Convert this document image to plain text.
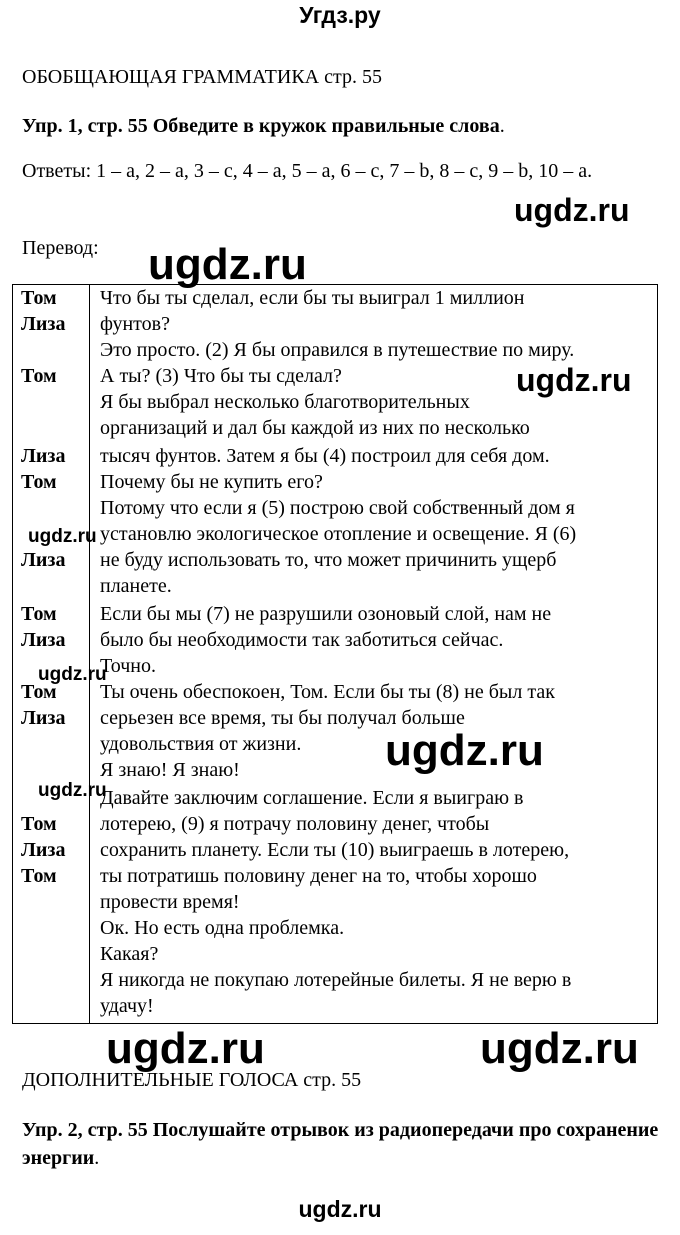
Угдз.ру
ОБОБЩАЮЩАЯ ГРАММАТИКА стр. 55
Упр. 1, стр. 55 Обведите в кружок правильные слова.
Ответы: 1 – a, 2 – a, 3 – c, 4 – a, 5 – a, 6 – c, 7 – b, 8 – c, 9 – b, 10 – a.
Перевод:
Том
Лиза
Том
Лиза
Том
Лиза
Том
Лиза
Том
Лиза
Том
Лиза
Том
Что бы ты сделал, если бы ты выиграл 1 миллион
фунтов?
Это просто. (2) Я бы оправился в путешествие по миру.
А ты? (3) Что бы ты сделал?
Я бы выбрал несколько благотворительных
организаций и дал бы каждой из них по несколько
тысяч фунтов. Затем я бы (4) построил для себя дом.
Почему бы не купить его?
Потому что если я (5) построю свой собственный дом я
установлю экологическое отопление и освещение. Я (6)
не буду использовать то, что может причинить ущерб
планете.
Если бы мы (7) не разрушили озоновый слой, нам не
было бы необходимости так заботиться сейчас.
Точно.
Ты очень обеспокоен, Том. Если бы ты (8) не был так
серьезен все время, ты бы получал больше
удовольствия от жизни.
Я знаю! Я знаю!
Давайте заключим соглашение. Если я выиграю в
лотерею, (9) я потрачу половину денег, чтобы
сохранить планету. Если ты (10) выиграешь в лотерею,
ты потратишь половину денег на то, чтобы хорошо
провести время!
Ок. Но есть одна проблемка.
Какая?
Я никогда не покупаю лотерейные билеты. Я не верю в
удачу!
ДОПОЛНИТЕЛЬНЫЕ ГОЛОСА стр. 55
Упр. 2, стр. 55 Послушайте отрывок из радиопередачи про сохранение энергии.
ugdz.ru
ugdz.ru
ugdz.ru
ugdz.ru
ugdz.ru
ugdz.ru
ugdz.ru
ugdz.ru	ugdz.ru
ugdz.ru
